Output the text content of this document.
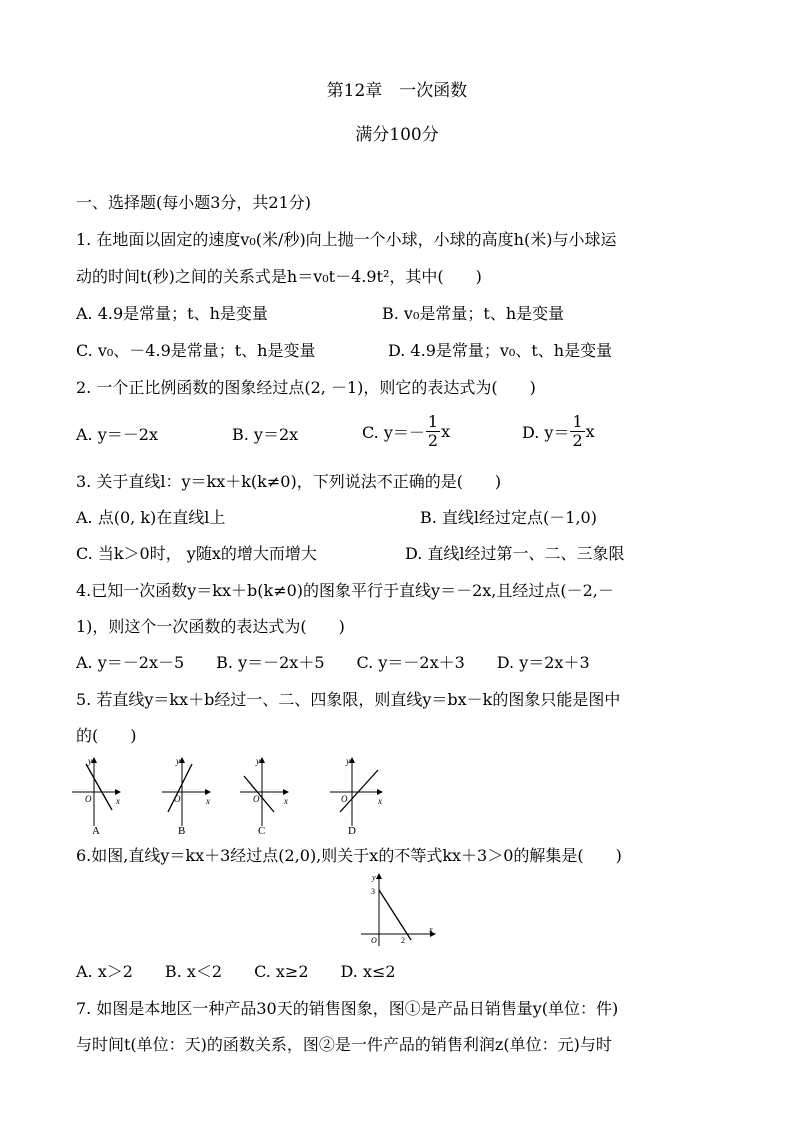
第12章　一次函数
满分100分
一、选择题(每小题3分，共21分)
1. 在地面以固定的速度v₀(米/秒)向上抛一个小球，小球的高度h(米)与小球运
动的时间t(秒)之间的关系式是h＝v₀t－4.9t²，其中(　　)
A. 4.9是常量；t、h是变量	B. v₀是常量；t、h是变量
C. v₀、－4.9是常量；t、h是变量	D. 4.9是常量；v₀、t、h是变量
2. 一个正比例函数的图象经过点(2, －1)，则它的表达式为(　　)
A. y＝－2x	B. y＝2x	C. $y=- \frac{1}{2}$ x	D. $y= \frac{1}{2}$ x
3. 关于直线l：y＝kx＋k(k≠0)，下列说法不正确的是(　　)
A. 点(0, k)在直线l上	B. 直线l经过定点(－1,0)
C. 当k＞0时， y随x的增大而增大	D. 直线l经过第一、二、三象限
4.已知一次函数y＝kx＋b(k≠0)的图象平行于直线y＝－2x,且经过点(－2,－
1)，则这个一次函数的表达式为(　　)
A. y＝－2x－5　　B. y＝－2x＋5　　C. y＝－2x＋3　　D. y＝2x＋3
5. 若直线y＝kx＋b经过一、二、四象限，则直线y＝bx－k的图象只能是图中
的(　　)
y
x
O
A
y
x
O
B
y
x
O
C
y
x
O
D
6.如图,直线y＝kx＋3经过点(2,0),则关于x的不等式kx＋3＞0的解集是(　　)
y
x
O
3
2
A. x＞2　　B. x＜2　　C. x≥2　　D. x≤2
7. 如图是本地区一种产品30天的销售图象，图①是产品日销售量y(单位：件)
与时间t(单位：天)的函数关系，图②是一件产品的销售利润z(单位：元)与时
